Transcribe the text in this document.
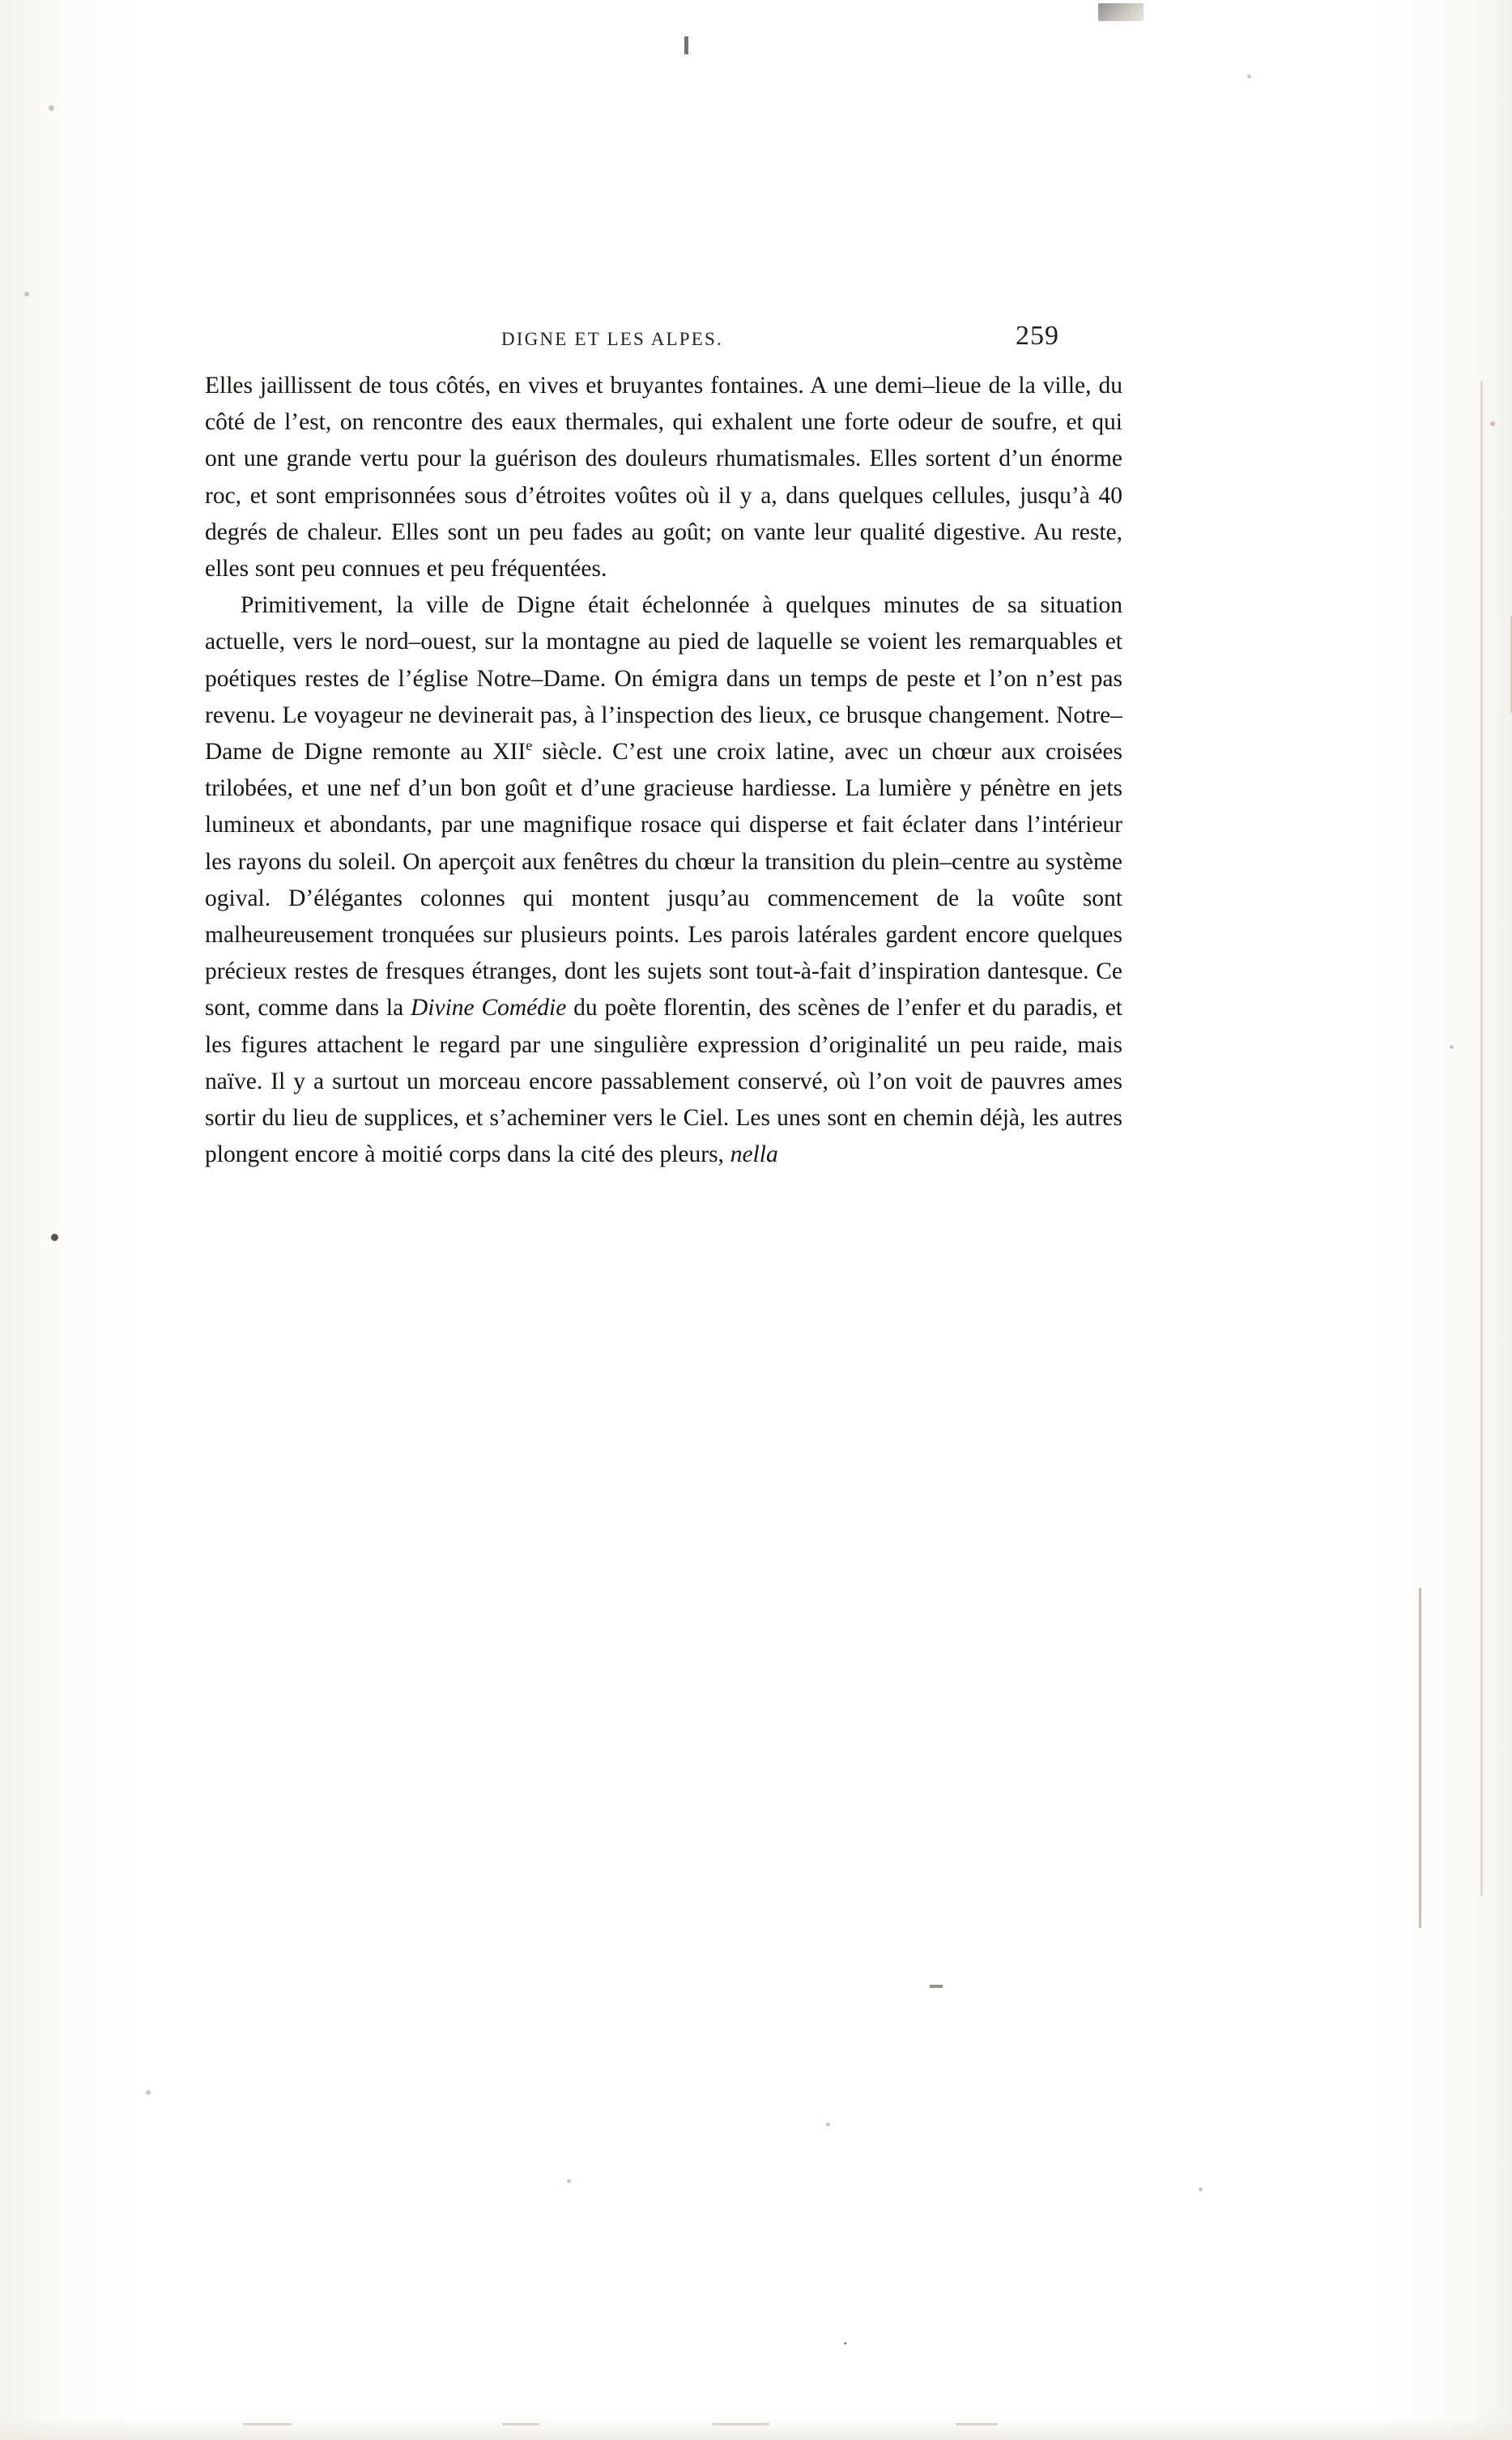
DIGNE ET LES ALPES.	259

Elles jaillissent de tous côtés, en vives et bruyantes fontaines. A une demi–lieue de la ville, du côté de l’est, on rencontre des eaux thermales, qui exhalent une forte odeur de soufre, et qui ont une grande vertu pour la guérison des douleurs rhumatismales. Elles sortent d’un énorme roc, et sont emprisonnées sous d’étroites voûtes où il y a, dans quelques cellules, jusqu’à 40 degrés de chaleur. Elles sont un peu fades au goût; on vante leur qualité digestive. Au reste, elles sont peu connues et peu fréquentées.

Primitivement, la ville de Digne était échelonnée à quelques minutes de sa situation actuelle, vers le nord–ouest, sur la montagne au pied de laquelle se voient les remarquables et poétiques restes de l’église Notre–Dame. On émigra dans un temps de peste et l’on n’est pas revenu. Le voyageur ne devinerait pas, à l’inspection des lieux, ce brusque changement. Notre–Dame de Digne remonte au XIIe siècle. C’est une croix latine, avec un chœur aux croisées trilobées, et une nef d’un bon goût et d’une gracieuse hardiesse. La lumière y pénètre en jets lumineux et abondants, par une magnifique rosace qui disperse et fait éclater dans l’intérieur les rayons du soleil. On aperçoit aux fenêtres du chœur la transition du plein–centre au système ogival. D’élégantes colonnes qui montent jusqu’au commencement de la voûte sont malheureusement tronquées sur plusieurs points. Les parois latérales gardent encore quelques précieux restes de fresques étranges, dont les sujets sont tout-à-fait d’inspiration dantesque. Ce sont, comme dans la Divine Comédie du poète florentin, des scènes de l’enfer et du paradis, et les figures attachent le regard par une singulière expression d’originalité un peu raide, mais naïve. Il y a surtout un morceau encore passablement conservé, où l’on voit de pauvres ames sortir du lieu de supplices, et s’acheminer vers le Ciel. Les unes sont en chemin déjà, les autres plongent encore à moitié corps dans la cité des pleurs, nella

·
